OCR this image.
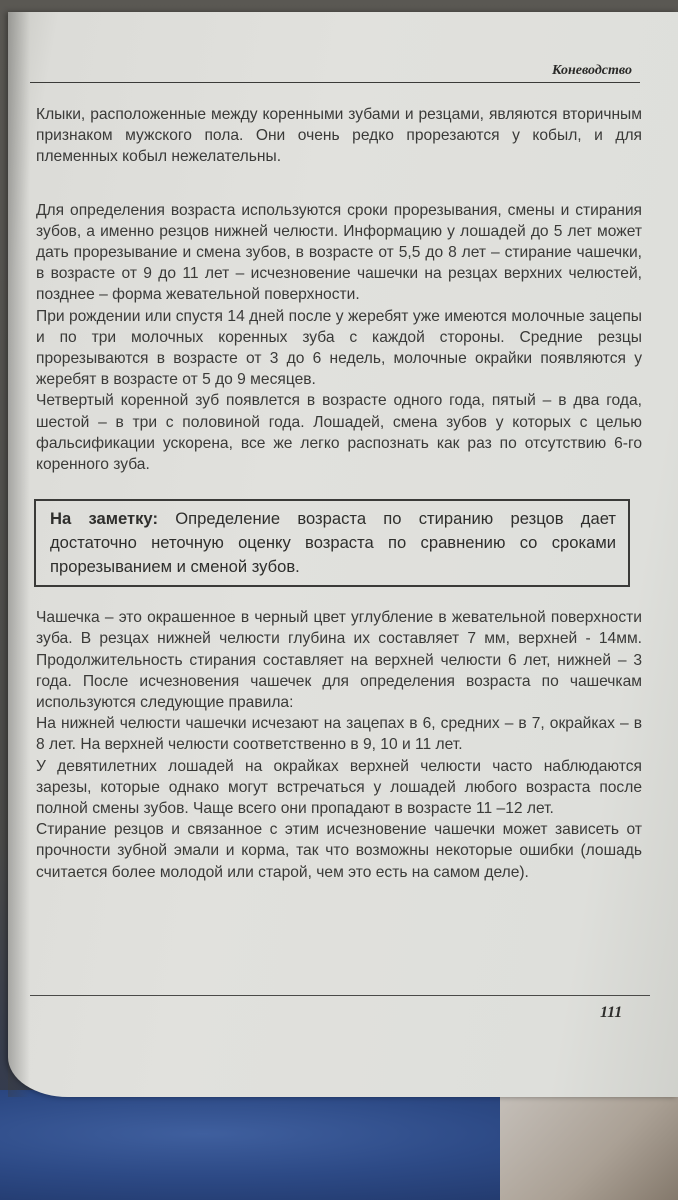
Коневодство

Клыки, расположенные между коренными зубами и резцами, являются вторичным признаком мужского пола. Они очень редко прорезаются у кобыл, и для племенных кобыл нежелательны.

Для определения возраста используются сроки прорезывания, смены и стирания зубов, а именно резцов нижней челюсти. Информацию у лошадей до 5 лет может дать прорезывание и смена зубов, в возрасте от 5,5 до 8 лет – стирание чашечки, в возрасте от 9 до 11 лет – исчезновение чашечки на резцах верхних челюстей, позднее – форма жевательной поверхности.

При рождении или спустя 14 дней после у жеребят уже имеются молочные зацепы и по три молочных коренных зуба с каждой стороны. Средние резцы прорезываются в возрасте от 3 до 6 недель, молочные окрайки появляются у жеребят в возрасте от 5 до 9 месяцев.

Четвертый коренной зуб появлется в возрасте одного года, пятый – в два года, шестой – в три с половиной года. Лошадей, смена зубов у которых с целью фальсификации ускорена, все же легко распознать как раз по отсутствию 6-го коренного зуба.

На заметку: Определение возраста по стиранию резцов дает достаточно неточную оценку возраста по сравнению со сроками прорезыванием и сменой зубов.

Чашечка – это окрашенное в черный цвет углубление в жевательной поверхности зуба. В резцах нижней челюсти глубина их составляет 7 мм, верхней - 14мм. Продолжительность стирания составляет на верхней челюсти 6 лет, нижней – 3 года. После исчезновения чашечек для определения возраста по чашечкам используются следующие правила:

На нижней челюсти чашечки исчезают на зацепах в 6, средних – в 7, окрайках – в 8 лет. На верхней челюсти соответственно в 9, 10 и 11 лет.

У девятилетних лошадей на окрайках верхней челюсти часто наблюдаются зарезы, которые однако могут встречаться у лошадей любого возраста после полной смены зубов. Чаще всего они пропадают в возрасте 11 –12 лет.

Стирание резцов и связанное с этим исчезновение чашечки может зависеть от прочности зубной эмали и корма, так что возможны некоторые ошибки (лошадь считается более молодой или старой, чем это есть на самом деле).

111
